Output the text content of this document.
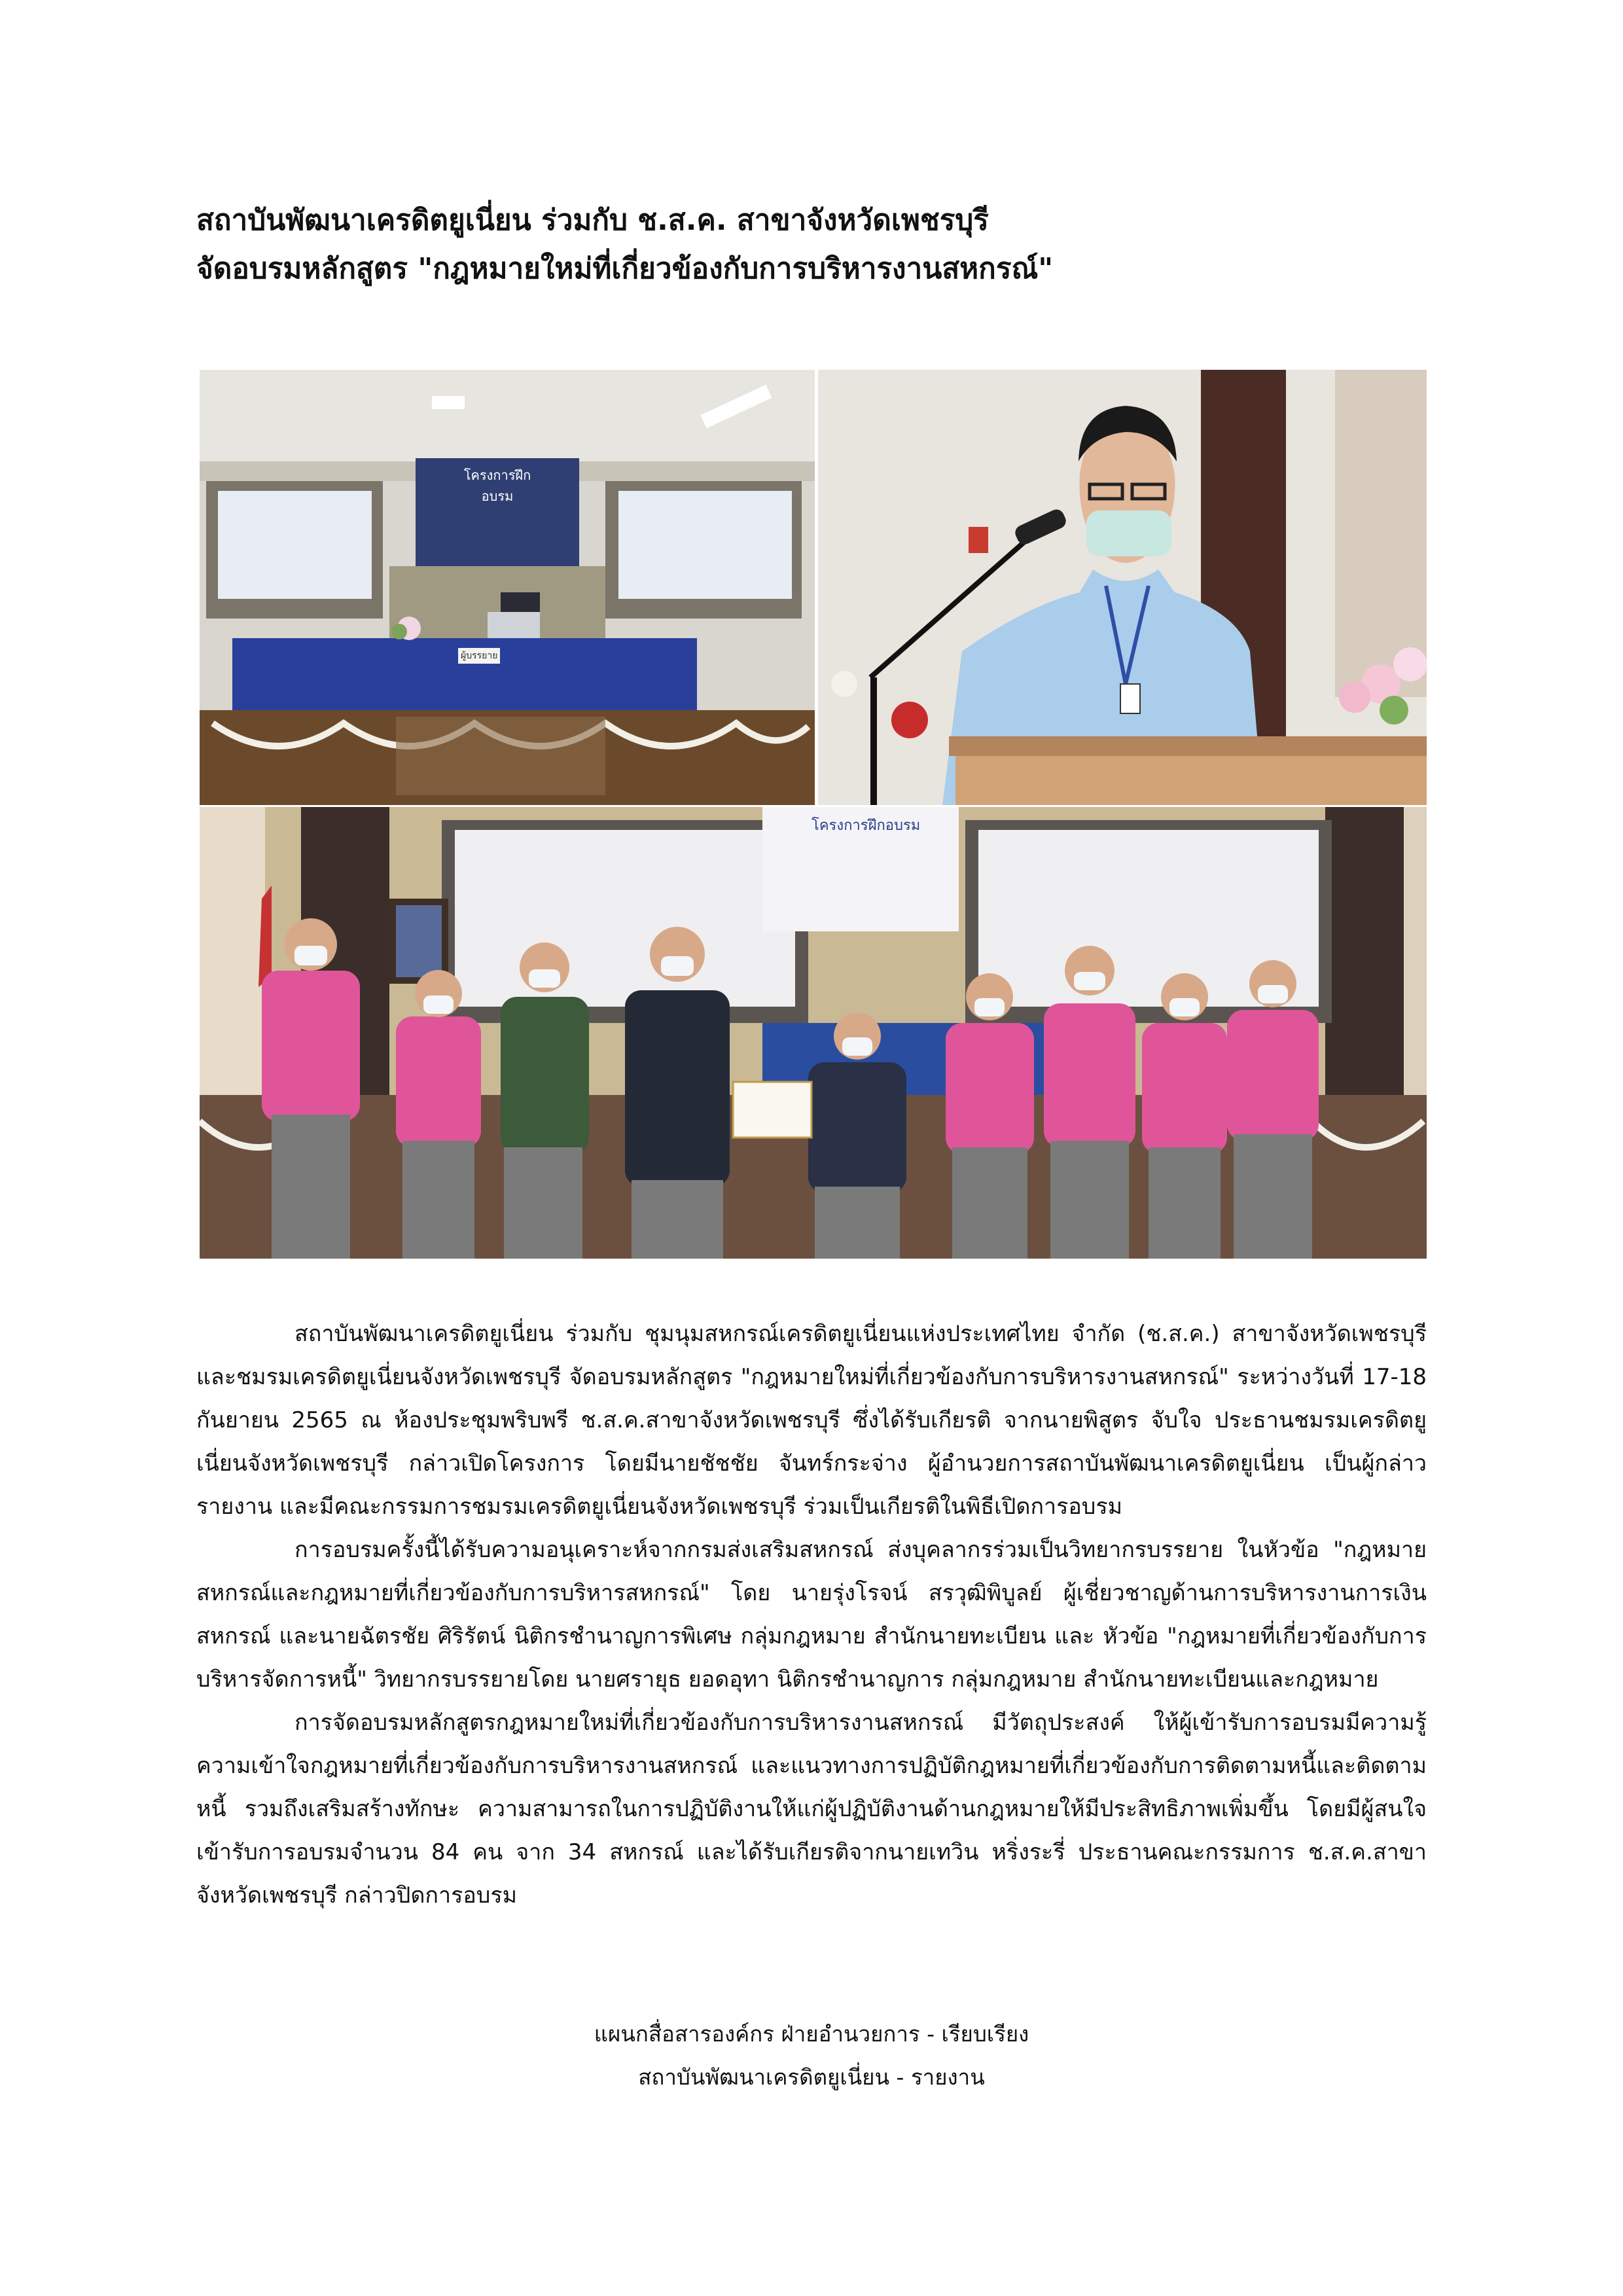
สถาบันพัฒนาเครดิตยูเนี่ยน ร่วมกับ ช.ส.ค. สาขาจังหวัดเพชรบุรี
จัดอบรมหลักสูตร "กฎหมายใหม่ที่เกี่ยวข้องกับการบริหารงานสหกรณ์"
โครงการฝึกอบรม
ผู้บรรยาย
โครงการฝึกอบรม

สถาบันพัฒนาเครดิตยูเนี่ยน ร่วมกับ ชุมนุมสหกรณ์เครดิตยูเนี่ยนแห่งประเทศไทย จำกัด (ช.ส.ค.) สาขาจังหวัดเพชรบุรี และชมรมเครดิตยูเนี่ยนจังหวัดเพชรบุรี จัดอบรมหลักสูตร "กฎหมายใหม่ที่เกี่ยวข้องกับการบริหารงานสหกรณ์" ระหว่างวันที่ 17-18 กันยายน 2565 ณ ห้องประชุมพริบพรี ช.ส.ค.สาขาจังหวัดเพชรบุรี ซึ่งได้รับเกียรติ จากนายพิสูตร จับใจ ประธานชมรมเครดิตยูเนี่ยนจังหวัดเพชรบุรี กล่าวเปิดโครงการ โดยมีนายชัชชัย จันทร์กระจ่าง ผู้อำนวยการสถาบันพัฒนาเครดิตยูเนี่ยน เป็นผู้กล่าวรายงาน และมีคณะกรรมการชมรมเครดิตยูเนี่ยนจังหวัดเพชรบุรี ร่วมเป็นเกียรติในพิธีเปิดการอบรม

การอบรมครั้งนี้ได้รับความอนุเคราะห์จากกรมส่งเสริมสหกรณ์ ส่งบุคลากรร่วมเป็นวิทยากรบรรยาย ในหัวข้อ "กฎหมายสหกรณ์และกฎหมายที่เกี่ยวข้องกับการบริหารสหกรณ์" โดย นายรุ่งโรจน์ สรวุฒิพิบูลย์ ผู้เชี่ยวชาญด้านการบริหารงานการเงินสหกรณ์ และนายฉัตรชัย ศิริรัตน์ นิติกรชำนาญการพิเศษ กลุ่มกฎหมาย สำนักนายทะเบียน และ หัวข้อ "กฎหมายที่เกี่ยวข้องกับการบริหารจัดการหนี้" วิทยากรบรรยายโดย นายศรายุธ ยอดอุทา นิติกรชำนาญการ กลุ่มกฎหมาย สำนักนายทะเบียนและกฎหมาย

การจัดอบรมหลักสูตรกฎหมายใหม่ที่เกี่ยวข้องกับการบริหารงานสหกรณ์ มีวัตถุประสงค์ ให้ผู้เข้ารับการอบรมมีความรู้ ความเข้าใจกฎหมายที่เกี่ยวข้องกับการบริหารงานสหกรณ์ และแนวทางการปฏิบัติกฎหมายที่เกี่ยวข้องกับการติดตามหนี้และติดตามหนี้ รวมถึงเสริมสร้างทักษะ ความสามารถในการปฏิบัติงานให้แก่ผู้ปฏิบัติงานด้านกฎหมายให้มีประสิทธิภาพเพิ่มขึ้น โดยมีผู้สนใจเข้ารับการอบรมจำนวน 84 คน จาก 34 สหกรณ์ และได้รับเกียรติจากนายเทวิน หริ่งระรี่ ประธานคณะกรรมการ ช.ส.ค.สาขาจังหวัดเพชรบุรี กล่าวปิดการอบรม

แผนกสื่อสารองค์กร ฝ่ายอำนวยการ - เรียบเรียง
สถาบันพัฒนาเครดิตยูเนี่ยน - รายงาน
